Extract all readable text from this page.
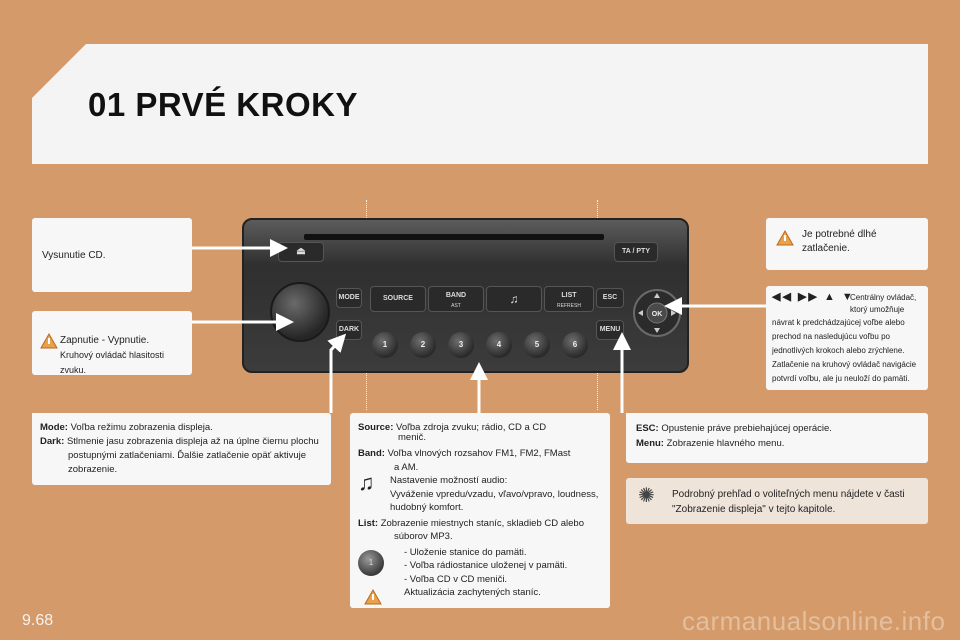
01 PRVÉ KROKY
⏏	TA / PTY
MODE
DARK
SOURCE	BAND
AST	♫	LIST
REFRESH
ESC
MENU
OK
1	2	3	4	5	6
Vysunutie CD.
Zapnutie - Vypnutie.
Kruhový ovládač hlasitosti zvuku.
Mode: Voľba režimu zobrazenia displeja.
Dark: Stlmenie jasu zobrazenia displeja až na úplne čiernu plochu
postupnými zatlačeniami. Ďalšie zatlačenie opäť aktivuje
zobrazenie.
Source: Voľba zdroja zvuku; rádio, CD a CD
menič.
Band: Voľba vlnových rozsahov FM1, FM2, FMast
a AM.
♫	Nastavenie možností audio:
Vyváženie vpredu/vzadu, vľavo/vpravo, loudness,
hudobný komfort.
List: Zobrazenie miestnych staníc, skladieb CD alebo
súborov MP3.
1
- Uloženie stanice do pamäti.
- Voľba rádiostanice uloženej v pamäti.
- Voľba CD v CD meniči.
Aktualizácia zachytených staníc.
Je potrebné dlhé
zatlačenie.
◀◀ ▶▶ ▲ ▼
Centrálny ovládač,
ktorý umožňuje
návrat k predchádzajúcej voľbe alebo
prechod na nasledujúcu voľbu po
jednotlivých krokoch alebo zrýchlene.
Zatlačenie na kruhový ovládač navigácie
potvrdí voľbu, ale ju neuloží do pamäti.
ESC: Opustenie práve prebiehajúcej operácie.
Menu: Zobrazenie hlavného menu.
✺ Podrobný prehľad o voliteľných menu nájdete v časti
"Zobrazenie displeja" v tejto kapitole.
9.68	carmanualsonline.info
